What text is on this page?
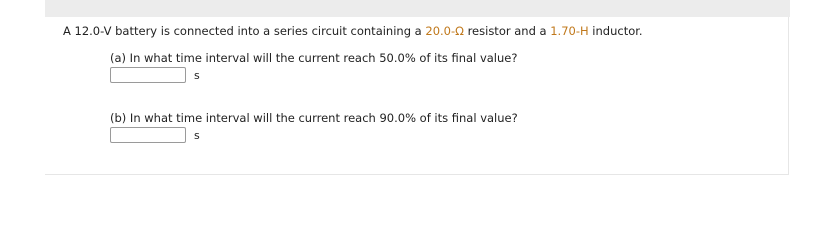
A 12.0-V battery is connected into a series circuit containing a 20.0-Ω resistor and a 1.70-H inductor.
(a) In what time interval will the current reach 50.0% of its final value?
s
(b) In what time interval will the current reach 90.0% of its final value?
s
